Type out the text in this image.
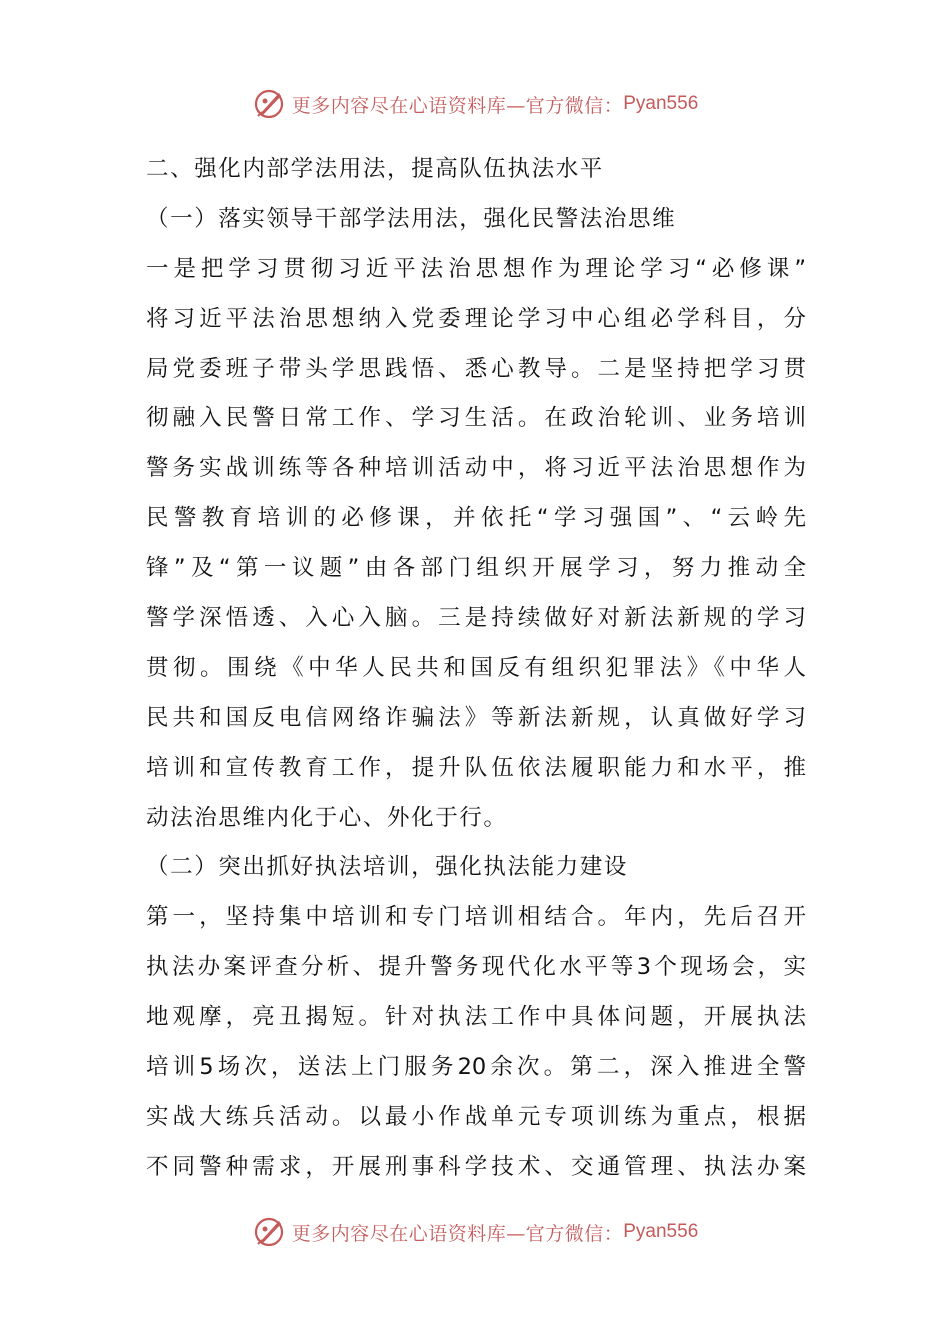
更多内容尽在心语资料库—官方微信： Pyan556
二、强化内部学法用法，提高队伍执法水平
（一）落实领导干部学法用法，强化民警法治思维
一是把学习贯彻习近平法治思想作为理论学习“必修课”
将习近平法治思想纳入党委理论学习中心组必学科目，分
局党委班子带头学思践悟、悉心教导。二是坚持把学习贯
彻融入民警日常工作、学习生活。在政治轮训、业务培训
警务实战训练等各种培训活动中，将习近平法治思想作为
民警教育培训的必修课，并依托“学习强国”、“云岭先
锋”及“第一议题”由各部门组织开展学习，努力推动全
警学深悟透、入心入脑。三是持续做好对新法新规的学习
贯彻。围绕《中华人民共和国反有组织犯罪法》《中华人
民共和国反电信网络诈骗法》等新法新规，认真做好学习
培训和宣传教育工作，提升队伍依法履职能力和水平，推
动法治思维内化于心、外化于行。
（二）突出抓好执法培训，强化执法能力建设
第一，坚持集中培训和专门培训相结合。年内，先后召开
执法办案评查分析、提升警务现代化水平等3个现场会，实
地观摩，亮丑揭短。针对执法工作中具体问题，开展执法
培训5场次，送法上门服务20余次。第二，深入推进全警
实战大练兵活动。以最小作战单元专项训练为重点，根据
不同警种需求，开展刑事科学技术、交通管理、执法办案
更多内容尽在心语资料库—官方微信： Pyan556
